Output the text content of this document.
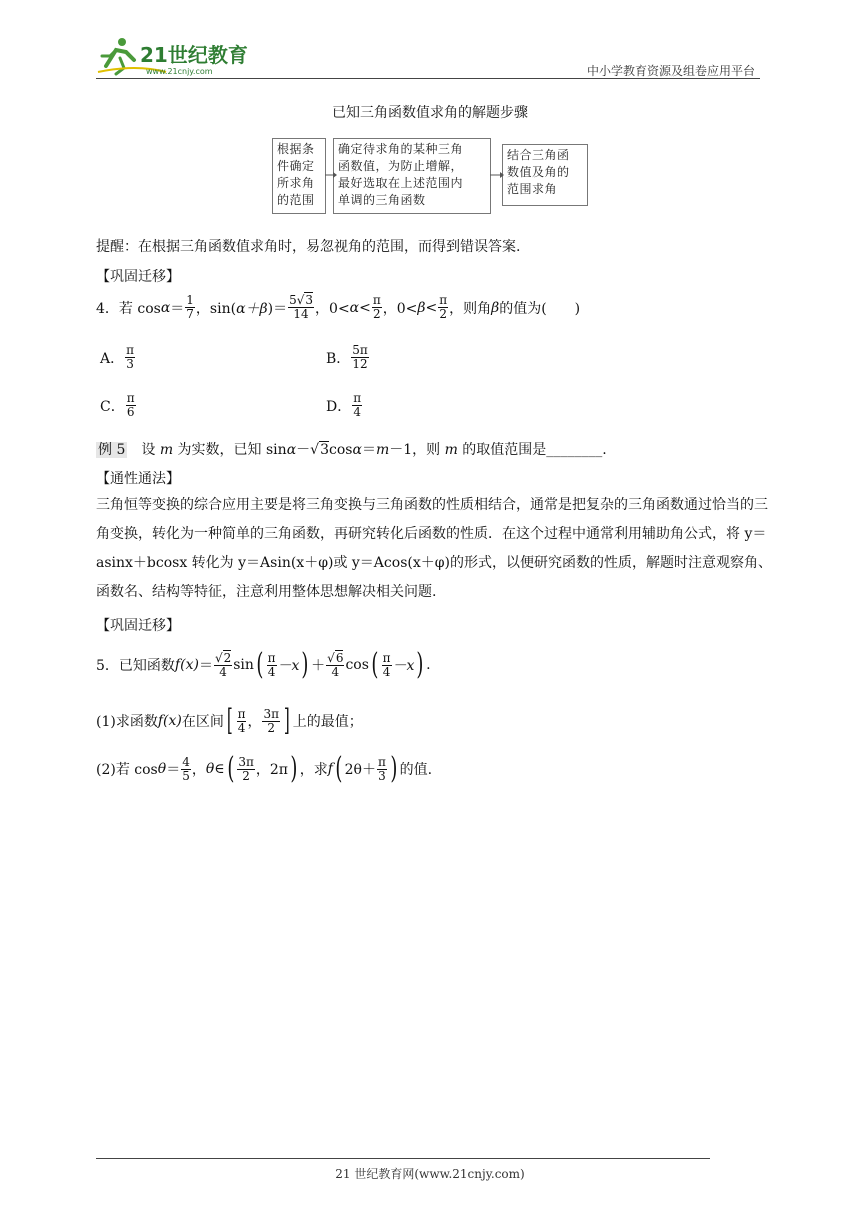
21世纪教育
www.21cnjy.com	中小学教育资源及组卷应用平台
已知三角函数值求角的解题步骤
根据条
件确定
所求角
的范围
确定待求角的某种三角
函数值，为防止增解，
最好选取在上述范围内
单调的三角函数
结合三角函
数值及角的
范围求角
提醒：在根据三角函数值求角时，易忽视角的范围，而得到错误答案.
【巩固迁移】
4．若 $\cos\alpha= \frac{1}{7}$ ，$\sin(\alpha+\beta)= \frac{5√3}{14}$ ，$0<\alpha< \frac{\pi}{2}$ ，$0<\beta< \frac{\pi}{2}$ ，则角β的值为(　　)
A． $\frac{\pi}{3}$	B． $\frac{5\pi}{12}$
C． $\frac{\pi}{6}$	D． $\frac{\pi}{4}$
例 5　设 m 为实数，已知 sinα－√3cosα＝m－1，则 m 的取值范围是________.
【通性通法】
三角恒等变换的综合应用主要是将三角变换与三角函数的性质相结合，通常是把复杂的三角函数通过恰当的三角变换，转化为一种简单的三角函数，再研究转化后函数的性质．在这个过程中通常利用辅助角公式，将 y＝asinx＋bcosx 转化为 y＝Asin(x＋φ)或 y＝Acos(x＋φ)的形式，以便研究函数的性质，解题时注意观察角、函数名、结构等特征，注意利用整体思想解决相关问题.
【巩固迁移】
5．已知函数$f(x)= \frac{√2}{4} \sin( \frac{\pi}{4} -x) + \frac{√6}{4} \cos( \frac{\pi}{4} -x)$ .
(1)求函数f(x)在区间[ $\frac{\pi}{4}$ ， $\frac{3\pi}{2}$ ] 上的最值；
(2)若 $\cos\theta= \frac{4}{5}$ ，θ∈( $\frac{3\pi}{2}$ ，2π) ，求f( $2\theta+ \frac{\pi}{3}$ ) 的值.
21 世纪教育网(www.21cnjy.com)
